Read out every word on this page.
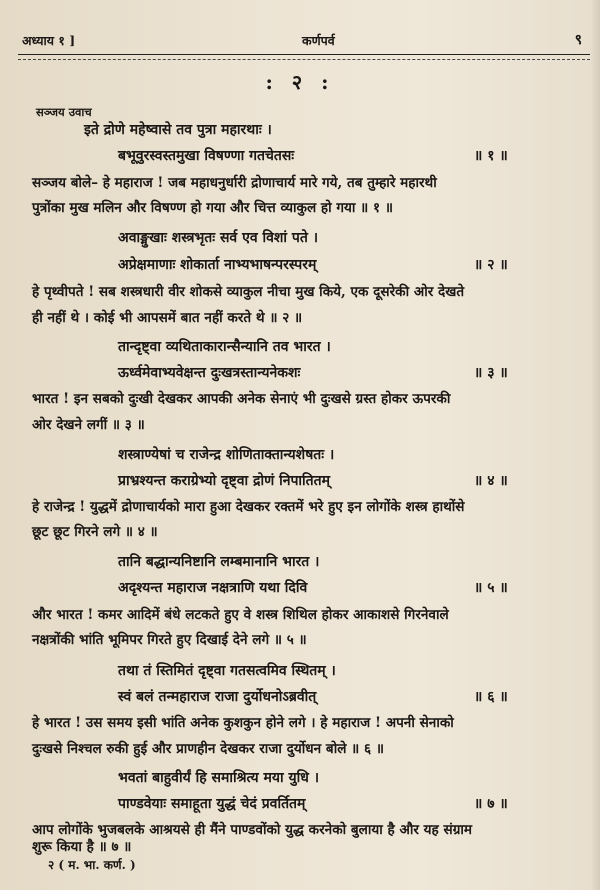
अध्याय १ ]	कर्णपर्व	९
: २ :
सञ्जय उवाच
इते द्रोणे महेष्वासे तव पुत्रा महारथाः ।
बभूवुरस्वस्तमुखा विषण्णा गतचेतसः	॥ १ ॥
सञ्जय बोले– हे महाराज ! जब महाधनुर्धारी द्रोणाचार्य मारे गये, तब तुम्हारे महारथी
पुत्रोंका मुख मलिन और विषण्ण हो गया और चित्त व्याकुल हो गया ॥ १ ॥
अवाङ्मुखाः शस्त्रभृतः सर्व एव विशां पते ।
अप्रेक्षमाणाः शोकार्ता नाभ्यभाषन्परस्परम्	॥ २ ॥
हे पृथ्वीपते ! सब शस्त्रधारी वीर शोकसे व्याकुल नीचा मुख किये, एक दूसरेकी ओर देखते
ही नहीं थे । कोई भी आपसमें बात नहीं करते थे ॥ २ ॥
तान्दृष्ट्वा व्यथिताकारान्सैन्यानि तव भारत ।
ऊर्ध्वमेवाभ्यवेक्षन्त दुःखत्रस्तान्यनेकशः	॥ ३ ॥
भारत ! इन सबको दुःखी देखकर आपकी अनेक सेनाएं भी दुःखसे ग्रस्त होकर ऊपरकी
ओर देखने लगीं ॥ ३ ॥
शस्त्राण्येषां च राजेन्द्र शोणिताक्तान्यशेषतः ।
प्राभ्रश्यन्त कराग्रेभ्यो दृष्ट्वा द्रोणं निपातितम्	॥ ४ ॥
हे राजेन्द्र ! युद्धमें द्रोणाचार्यको मारा हुआ देखकर रक्तमें भरे हुए इन लोगोंके शस्त्र हाथोंसे
छूट छूट गिरने लगे ॥ ४ ॥
तानि बद्धान्यनिष्टानि लम्बमानानि भारत ।
अदृश्यन्त महाराज नक्षत्राणि यथा दिवि	॥ ५ ॥
और भारत ! कमर आदिमें बंधे लटकते हुए वे शस्त्र शिथिल होकर आकाशसे गिरनेवाले
नक्षत्रोंकी भांति भूमिपर गिरते हुए दिखाई देने लगे ॥ ५ ॥
तथा तं स्तिमितं दृष्ट्वा गतसत्वमिव स्थितम् ।
स्वं बलं तन्महाराज राजा दुर्योधनोऽब्रवीत्	॥ ६ ॥
हे भारत ! उस समय इसी भांति अनेक कुशकुन होने लगे । हे महाराज ! अपनी सेनाको
दुःखसे निश्चल रुकी हुई और प्राणहीन देखकर राजा दुर्योधन बोले ॥ ६ ॥
भवतां बाहुवीर्यं हि समाश्रित्य मया युधि ।
पाण्डवेयाः समाहूता युद्धं चेदं प्रवर्तितम्	॥ ७ ॥
आप लोगोंके भुजबलके आश्रयसे ही मैंने पाण्डवोंको युद्ध करनेको बुलाया है और यह संग्राम
शुरू किया है ॥ ७ ॥
२ ( म. भा. कर्ण. )
